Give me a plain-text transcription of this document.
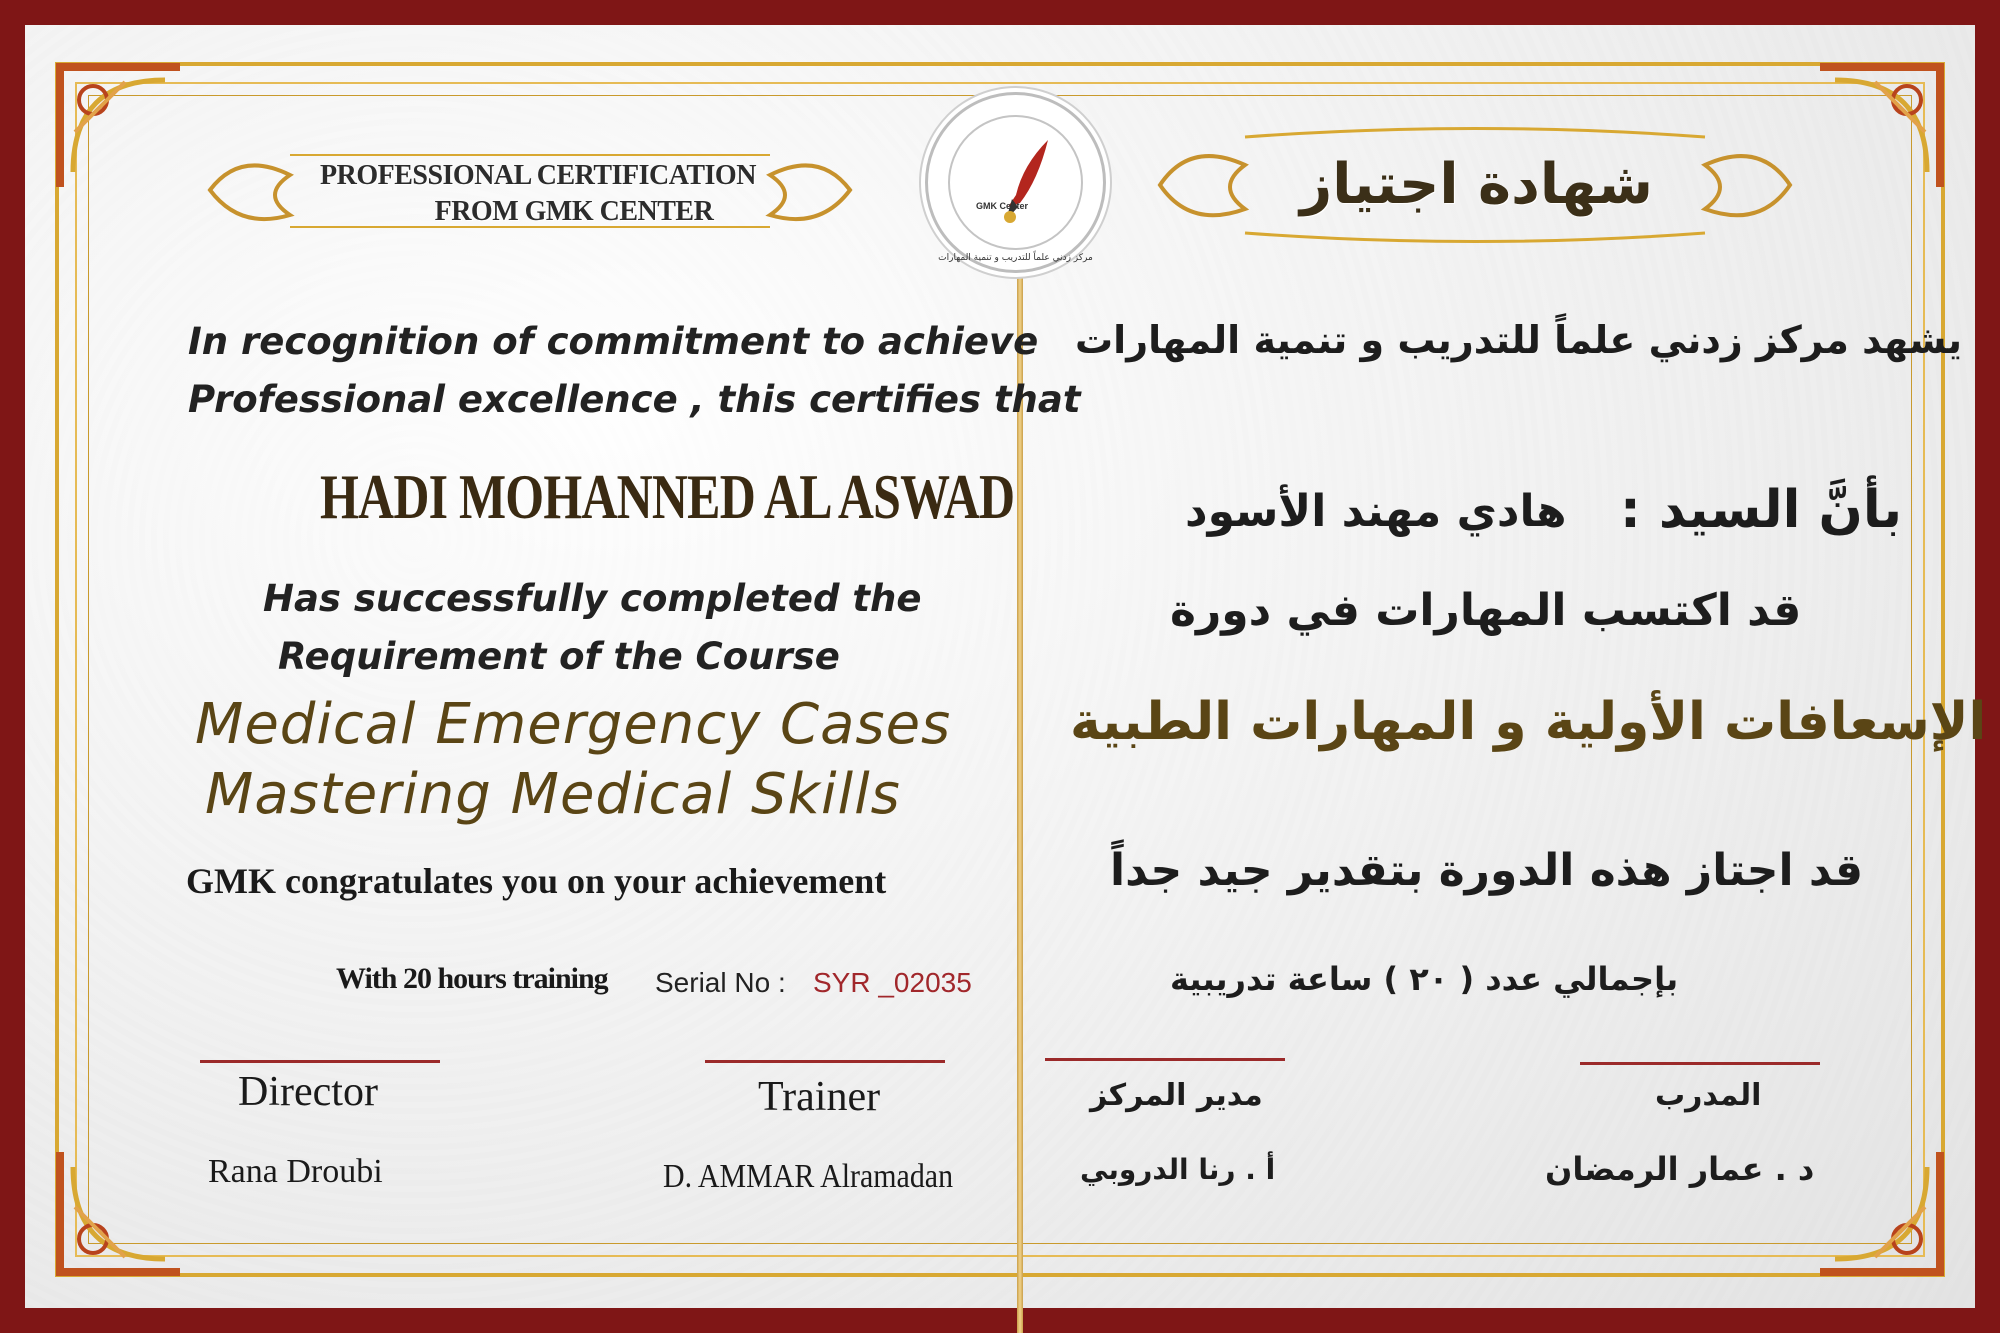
PROFESSIONAL CERTIFICATION
FROM GMK CENTER	شهادة اجتياز
GMK Center
مركز زدني علماً للتدريب و تنمية المهارات
In recognition of commitment to achieve
Professional excellence , this certifies that
HADI MOHANNED AL ASWAD
Has successfully completed the
Requirement of the Course
Medical Emergency Cases
Mastering Medical Skills
GMK congratulates you on your achievement
With 20 hours training Serial No : SYR _02035
يشهد مركز زدني علماً للتدريب و تنمية المهارات
بأنَّ السيد :
هادي مهند الأسود
قد اكتسب المهارات في دورة
الإسعافات الأولية و المهارات الطبية
قد اجتاز هذه الدورة بتقدير جيد جداً
بإجمالي عدد ( ٢٠ ) ساعة تدريبية
Director
Rana Droubi
Trainer
D. AMMAR Alramadan
مدير المركز
أ . رنا الدروبي
المدرب
د . عمار الرمضان
